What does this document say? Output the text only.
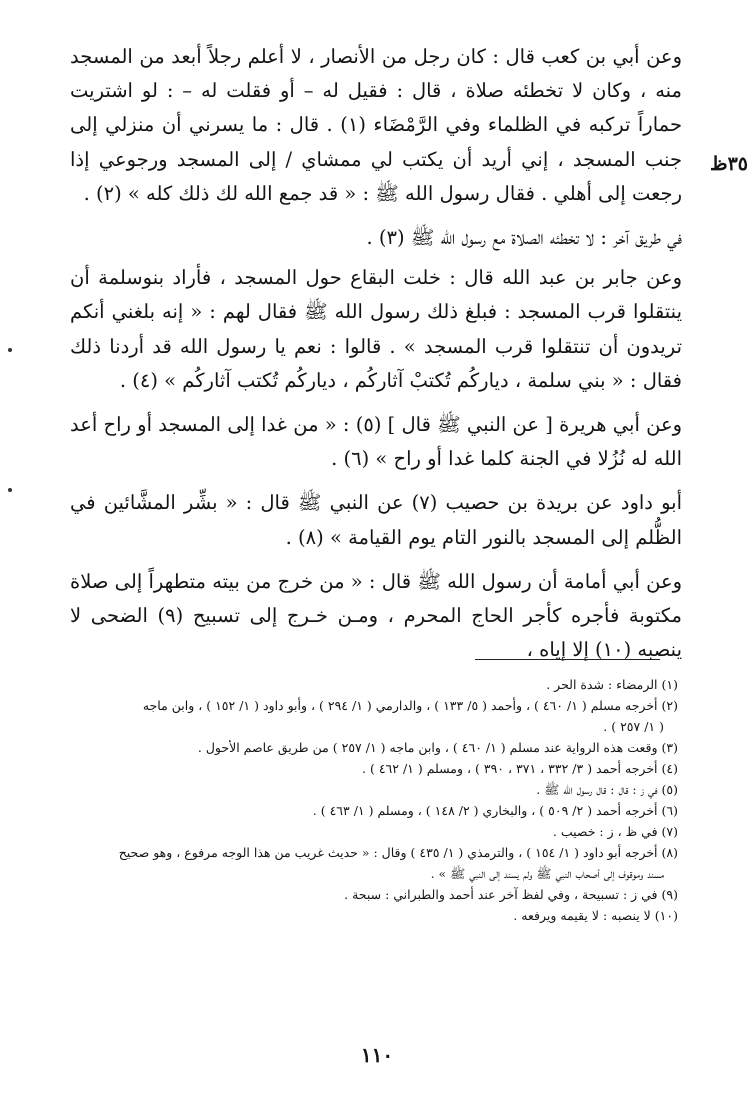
٣٥ظ

وعن أبي بن كعب قال : كان رجل من الأنصار ، لا أعلم رجلاً أبعد من المسجد منه ، وكان لا تخطئه صلاة ، قال : فقيل له – أو فقلت له – : لو اشتريت حماراً تركبه في الظلماء وفي الرَّمْضَاء (١) . قال : ما يسرني أن منزلي إلى جنب المسجد ، إني أريد أن يكتب لي ممشاي / إلى المسجد ورجوعي إذا رجعت إلى أهلي . فقال رسول الله ﷺ : « قد جمع الله لك ذلك كله » (٢) .

في طريق آخر : لا تخطئه الصلاة مع رسول الله ﷺ (٣) .

وعن جابر بن عبد الله قال : خلت البقاع حول المسجد ، فأراد بنوسلمة أن ينتقلوا قرب المسجد : فبلغ ذلك رسول الله ﷺ فقال لهم : « إنه بلغني أنكم تريدون أن تنتقلوا قرب المسجد » . قالوا : نعم يا رسول الله قد أردنا ذلك فقال : « بني سلمة ، دياركُم تُكتبْ آثاركُم ، دياركُم تُكتب آثاركُم » (٤) .

وعن أبي هريرة [ عن النبي ﷺ قال ] (٥) : « من غدا إلى المسجد أو راح أعد الله له نُزُلا في الجنة كلما غدا أو راح » (٦) .

أبو داود عن بريدة بن حصيب (٧) عن النبي ﷺ قال : « بشِّر المشَّائين في الظُّلم إلى المسجد بالنور التام يوم القيامة » (٨) .

وعن أبي أمامة أن رسول الله ﷺ قال : « من خرج من بيته متطهراً إلى صلاة مكتوبة فأجره كأجر الحاج المحرم ، ومـن خـرج إلى تسبيح (٩) الضحى لا ينصبه (١٠) إلا إياه ،

(١) الرمضاء : شدة الحر .
(٢) أخرجه مسلم ( ١/ ٤٦٠ ) ، وأحمد ( ٥/ ١٣٣ ) ، والدارمي ( ١/ ٢٩٤ ) ، وأبو داود ( ١/ ١٥٢ ) ، وابن ماجه
( ١/ ٢٥٧ ) .
(٣) وقعت هذه الرواية عند مسلم ( ١/ ٤٦٠ ) ، وابن ماجه ( ١/ ٢٥٧ ) من طريق عاصم الأحول .
(٤) أخرجه أحمد ( ٣/ ٣٣٢ ، ٣٧١ ، ٣٩٠ ) ، ومسلم ( ١/ ٤٦٢ ) .
(٥) في ز : قال : قال رسول الله ﷺ .
(٦) أخرجه أحمد ( ٢/ ٥٠٩ ) ، والبخاري ( ٢/ ١٤٨ ) ، ومسلم ( ١/ ٤٦٣ ) .
(٧) في ظ ، ز : خصيب .
(٨) أخرجه أبو داود ( ١/ ١٥٤ ) ، والترمذي ( ١/ ٤٣٥ ) وقال : « حديث غريب من هذا الوجه مرفوع ، وهو صحيح
مسند وموقوف إلى أصحاب النبي ﷺ ولم يسند إلى النبي ﷺ » .
(٩) في ز : تسبيحة ، وفي لفظ آخر عند أحمد والطبراني : سبحة .
(١٠) لا ينصبه : لا يقيمه ويرفعه .
١١٠
